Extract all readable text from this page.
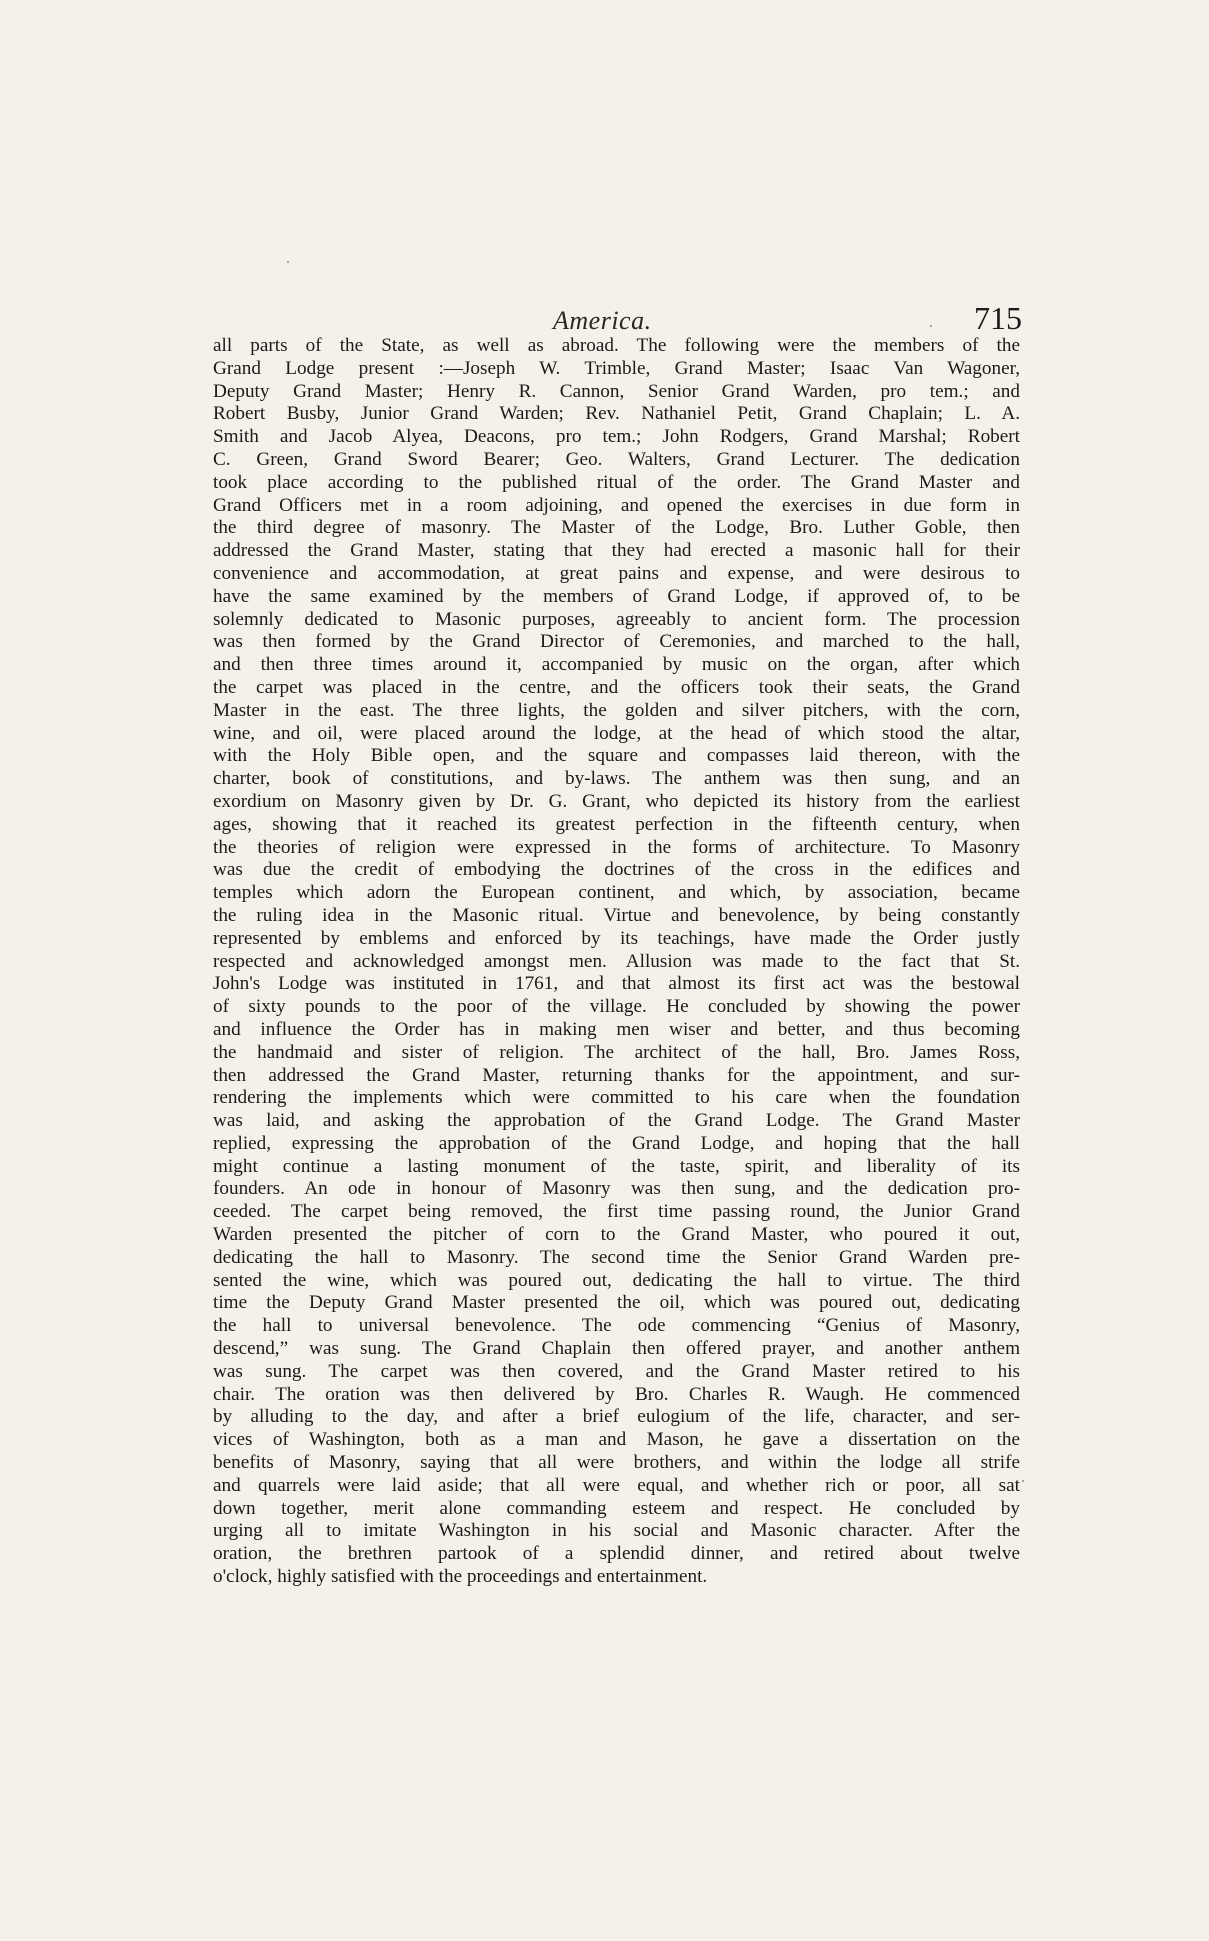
America.	715
all parts of the State, as well as abroad. The following were the members of the
Grand Lodge present :—Joseph W. Trimble, Grand Master; Isaac Van Wagoner,
Deputy Grand Master; Henry R. Cannon, Senior Grand Warden, pro tem.; and
Robert Busby, Junior Grand Warden; Rev. Nathaniel Petit, Grand Chaplain; L. A.
Smith and Jacob Alyea, Deacons, pro tem.; John Rodgers, Grand Marshal; Robert
C. Green, Grand Sword Bearer; Geo. Walters, Grand Lecturer. The dedication
took place according to the published ritual of the order. The Grand Master and
Grand Officers met in a room adjoining, and opened the exercises in due form in
the third degree of masonry. The Master of the Lodge, Bro. Luther Goble, then
addressed the Grand Master, stating that they had erected a masonic hall for their
convenience and accommodation, at great pains and expense, and were desirous to
have the same examined by the members of Grand Lodge, if approved of, to be
solemnly dedicated to Masonic purposes, agreeably to ancient form. The procession
was then formed by the Grand Director of Ceremonies, and marched to the hall,
and then three times around it, accompanied by music on the organ, after which
the carpet was placed in the centre, and the officers took their seats, the Grand
Master in the east. The three lights, the golden and silver pitchers, with the corn,
wine, and oil, were placed around the lodge, at the head of which stood the altar,
with the Holy Bible open, and the square and compasses laid thereon, with the
charter, book of constitutions, and by-laws. The anthem was then sung, and an
exordium on Masonry given by Dr. G. Grant, who depicted its history from the earliest
ages, showing that it reached its greatest perfection in the fifteenth century, when
the theories of religion were expressed in the forms of architecture. To Masonry
was due the credit of embodying the doctrines of the cross in the edifices and
temples which adorn the European continent, and which, by association, became
the ruling idea in the Masonic ritual. Virtue and benevolence, by being constantly
represented by emblems and enforced by its teachings, have made the Order justly
respected and acknowledged amongst men. Allusion was made to the fact that St.
John's Lodge was instituted in 1761, and that almost its first act was the bestowal
of sixty pounds to the poor of the village. He concluded by showing the power
and influence the Order has in making men wiser and better, and thus becoming
the handmaid and sister of religion. The architect of the hall, Bro. James Ross,
then addressed the Grand Master, returning thanks for the appointment, and sur-
rendering the implements which were committed to his care when the foundation
was laid, and asking the approbation of the Grand Lodge. The Grand Master
replied, expressing the approbation of the Grand Lodge, and hoping that the hall
might continue a lasting monument of the taste, spirit, and liberality of its
founders. An ode in honour of Masonry was then sung, and the dedication pro-
ceeded. The carpet being removed, the first time passing round, the Junior Grand
Warden presented the pitcher of corn to the Grand Master, who poured it out,
dedicating the hall to Masonry. The second time the Senior Grand Warden pre-
sented the wine, which was poured out, dedicating the hall to virtue. The third
time the Deputy Grand Master presented the oil, which was poured out, dedicating
the hall to universal benevolence. The ode commencing “Genius of Masonry,
descend,” was sung. The Grand Chaplain then offered prayer, and another anthem
was sung. The carpet was then covered, and the Grand Master retired to his
chair. The oration was then delivered by Bro. Charles R. Waugh. He commenced
by alluding to the day, and after a brief eulogium of the life, character, and ser-
vices of Washington, both as a man and Mason, he gave a dissertation on the
benefits of Masonry, saying that all were brothers, and within the lodge all strife
and quarrels were laid aside; that all were equal, and whether rich or poor, all sat
down together, merit alone commanding esteem and respect. He concluded by
urging all to imitate Washington in his social and Masonic character. After the
oration, the brethren partook of a splendid dinner, and retired about twelve
o'clock, highly satisfied with the proceedings and entertainment.
